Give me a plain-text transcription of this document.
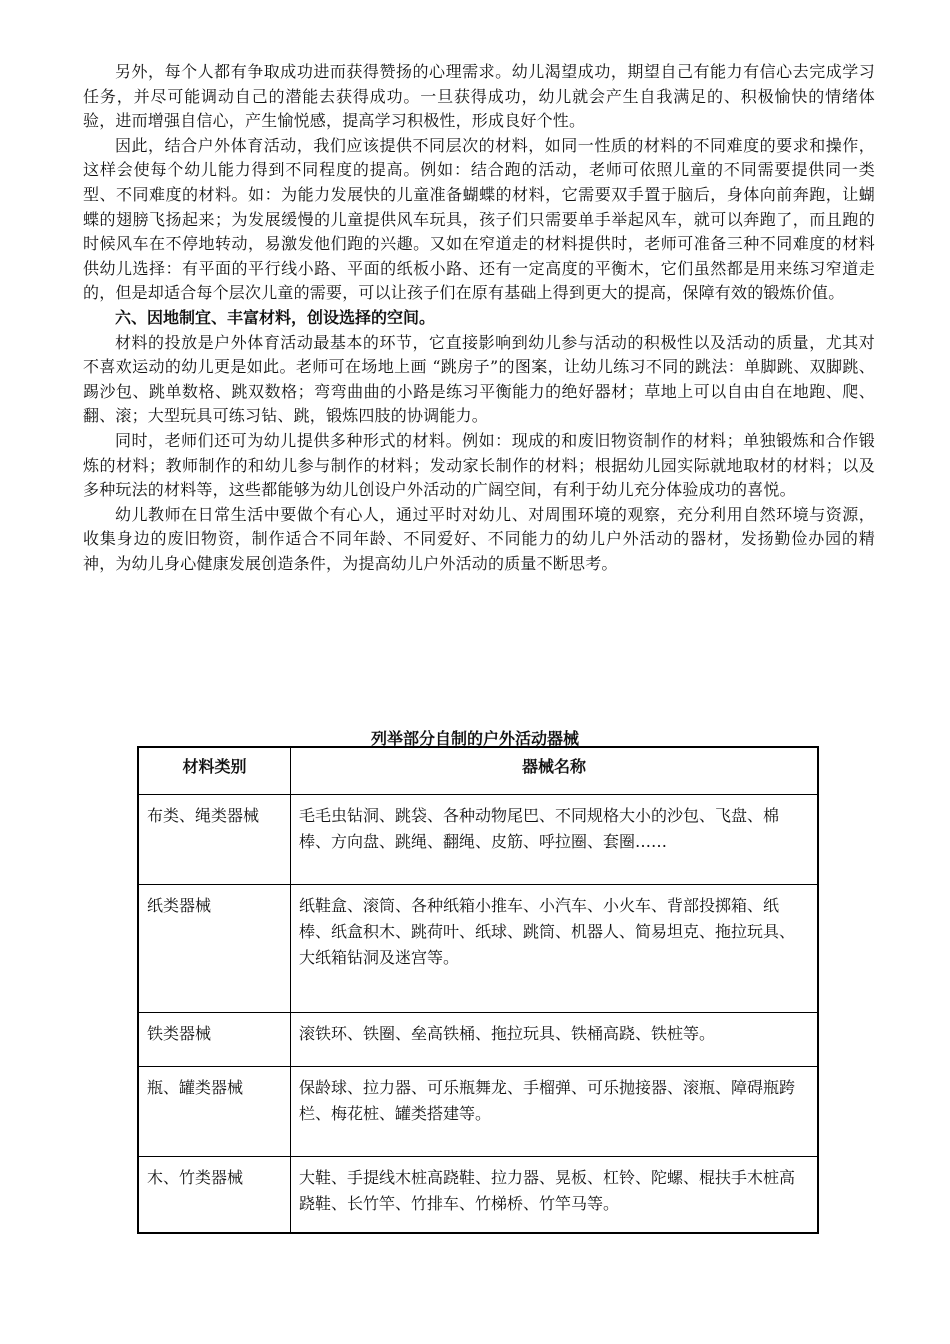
另外，每个人都有争取成功进而获得赞扬的心理需求。幼儿渴望成功，期望自己有能力有信心去完成学习任务，并尽可能调动自己的潜能去获得成功。一旦获得成功，幼儿就会产生自我满足的、积极愉快的情绪体验，进而增强自信心，产生愉悦感，提高学习积极性，形成良好个性。

因此，结合户外体育活动，我们应该提供不同层次的材料，如同一性质的材料的不同难度的要求和操作，这样会使每个幼儿能力得到不同程度的提高。例如：结合跑的活动，老师可依照儿童的不同需要提供同一类型、不同难度的材料。如：为能力发展快的儿童准备蝴蝶的材料，它需要双手置于脑后，身体向前奔跑，让蝴蝶的翅膀飞扬起来；为发展缓慢的儿童提供风车玩具，孩子们只需要单手举起风车，就可以奔跑了，而且跑的时候风车在不停地转动，易激发他们跑的兴趣。又如在窄道走的材料提供时，老师可准备三种不同难度的材料供幼儿选择：有平面的平行线小路、平面的纸板小路、还有一定高度的平衡木，它们虽然都是用来练习窄道走的，但是却适合每个层次儿童的需要，可以让孩子们在原有基础上得到更大的提高，保障有效的锻炼价值。

六、因地制宜、丰富材料，创设选择的空间。

材料的投放是户外体育活动最基本的环节，它直接影响到幼儿参与活动的积极性以及活动的质量，尤其对不喜欢运动的幼儿更是如此。老师可在场地上画 “跳房子”的图案，让幼儿练习不同的跳法：单脚跳、双脚跳、踢沙包、跳单数格、跳双数格；弯弯曲曲的小路是练习平衡能力的绝好器材；草地上可以自由自在地跑、爬、翻、滚；大型玩具可练习钻、跳，锻炼四肢的协调能力。

同时，老师们还可为幼儿提供多种形式的材料。例如：现成的和废旧物资制作的材料；单独锻炼和合作锻炼的材料；教师制作的和幼儿参与制作的材料；发动家长制作的材料；根据幼儿园实际就地取材的材料；以及多种玩法的材料等，这些都能够为幼儿创设户外活动的广阔空间，有利于幼儿充分体验成功的喜悦。

幼儿教师在日常生活中要做个有心人，通过平时对幼儿、对周围环境的观察，充分利用自然环境与资源，收集身边的废旧物资，制作适合不同年龄、不同爱好、不同能力的幼儿户外活动的器材，发扬勤俭办园的精神，为幼儿身心健康发展创造条件，为提高幼儿户外活动的质量不断思考。

列举部分自制的户外活动器械
材料类别	器械名称
布类、绳类器械	毛毛虫钻洞、跳袋、各种动物尾巴、不同规格大小的沙包、飞盘、棉棒、方向盘、跳绳、翻绳、皮筋、呼拉圈、套圈……
纸类器械	纸鞋盒、滚筒、各种纸箱小推车、小汽车、小火车、背部投掷箱、纸棒、纸盒积木、跳荷叶、纸球、跳筒、机器人、简易坦克、拖拉玩具、大纸箱钻洞及迷宫等。
铁类器械	滚铁环、铁圈、垒高铁桶、拖拉玩具、铁桶高跷、铁桩等。
瓶、罐类器械	保龄球、拉力器、可乐瓶舞龙、手榴弹、可乐抛接器、滚瓶、障碍瓶跨栏、梅花桩、罐类搭建等。
木、竹类器械	大鞋、手提线木桩高跷鞋、拉力器、晃板、杠铃、陀螺、棍扶手木桩高跷鞋、长竹竿、竹排车、竹梯桥、竹竿马等。
